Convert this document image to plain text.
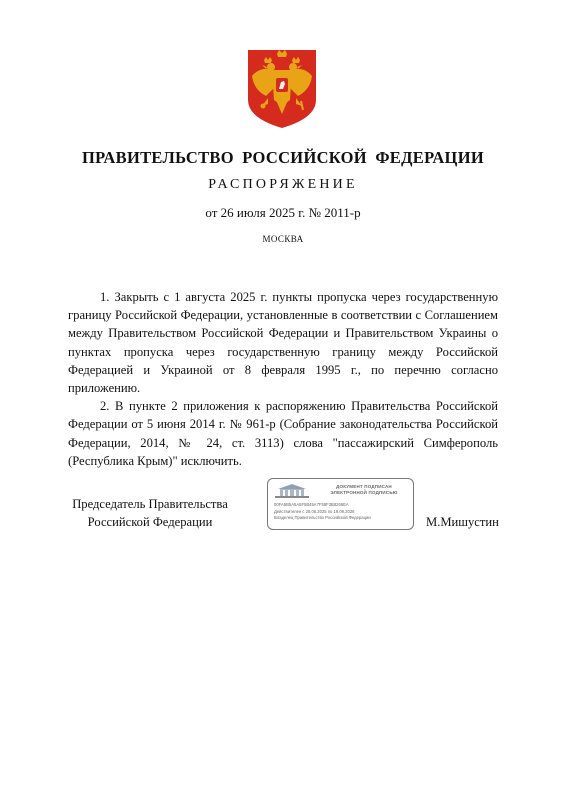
ПРАВИТЕЛЬСТВО РОССИЙСКОЙ ФЕДЕРАЦИИ
РАСПОРЯЖЕНИЕ
от 26 июля 2025 г. № 2011-р
МОСКВА

1. Закрыть с 1 августа 2025 г. пункты пропуска через государственную границу Российской Федерации, установленные в соответствии с Соглашением между Правительством Российской Федерации и Правительством Украины о пунктах пропуска через государственную границу между Российской Федерацией и Украиной от 8 февраля 1995 г., по перечню согласно приложению.

2. В пункте 2 приложения к распоряжению Правительства Российской Федерации от 5 июня 2014 г. № 961-р (Собрание законодательства Российской Федерации, 2014, № 24, ст. 3113) слова "пассажирский Симферополь (Республика Крым)" исключить.

Председатель Правительства
Российской Федерации
ДОКУМЕНТ ПОДПИСАН
ЭЛЕКТРОННОЙ ПОДПИСЬЮ
00FA5B5A5A5F5B45A7F58F3B8266EA
Действителен с 28.06.2025 по 19.09.2026
Владелец Правительство Российской Федерации	М.Мишустин
